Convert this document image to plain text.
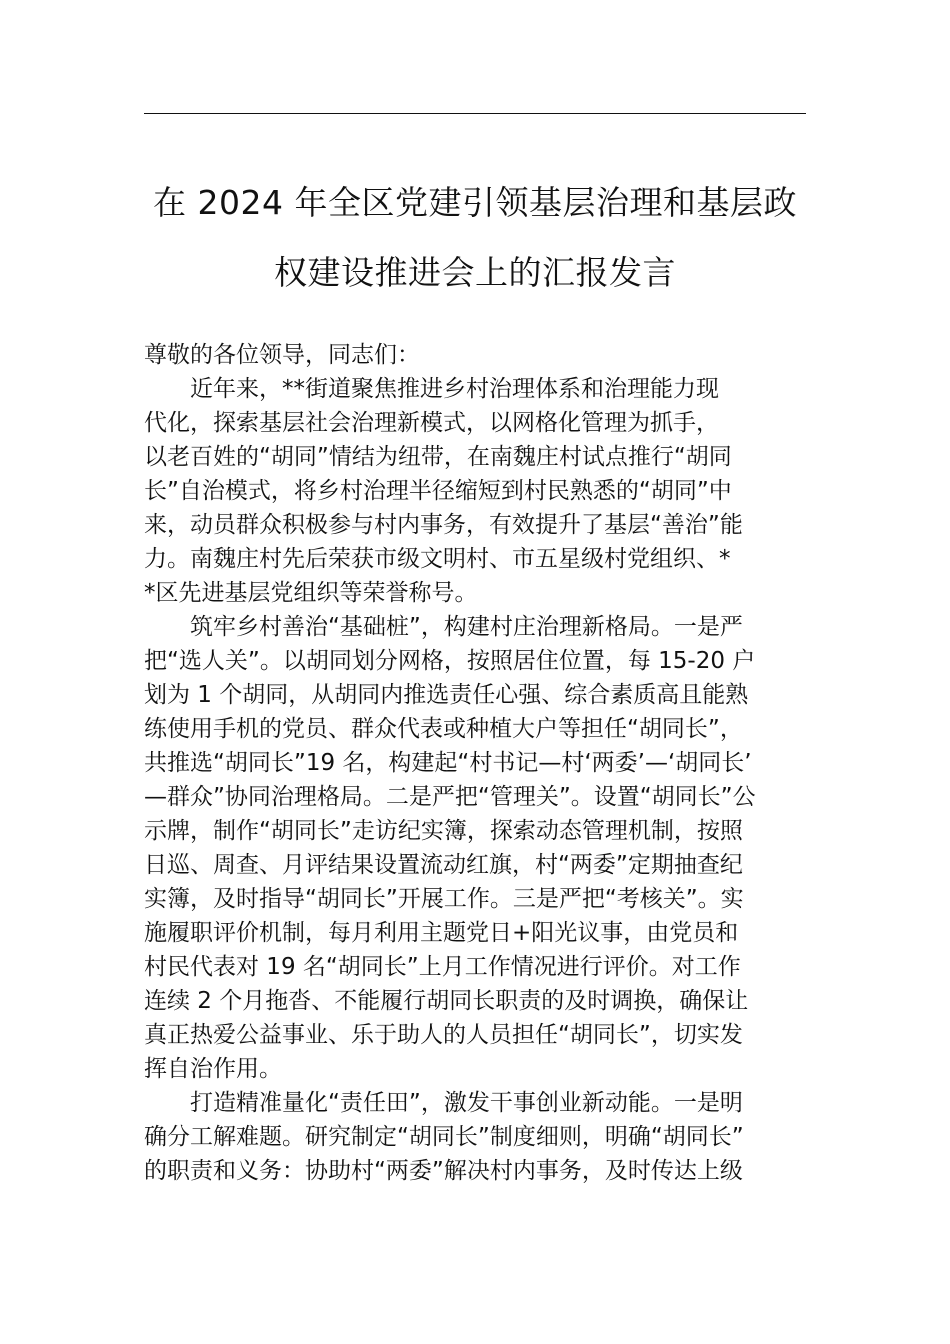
在 2024 年全区党建引领基层治理和基层政
权建设推进会上的汇报发言

尊敬的各位领导，同志们：

近年来，**街道聚焦推进乡村治理体系和治理能力现
代化，探索基层社会治理新模式，以网格化管理为抓手，
以老百姓的“胡同”情结为纽带，在南魏庄村试点推行“胡同
长”自治模式，将乡村治理半径缩短到村民熟悉的“胡同”中
来，动员群众积极参与村内事务，有效提升了基层“善治”能
力。南魏庄村先后荣获市级文明村、市五星级村党组织、*
*区先进基层党组织等荣誉称号。

筑牢乡村善治“基础桩”，构建村庄治理新格局。一是严
把“选人关”。以胡同划分网格，按照居住位置，每 15-20 户
划为 1 个胡同，从胡同内推选责任心强、综合素质高且能熟
练使用手机的党员、群众代表或种植大户等担任“胡同长”，
共推选“胡同长”19 名，构建起“村书记—村‘两委’—‘胡同长’
—群众”协同治理格局。二是严把“管理关”。设置“胡同长”公
示牌，制作“胡同长”走访纪实簿，探索动态管理机制，按照
日巡、周查、月评结果设置流动红旗，村“两委”定期抽查纪
实簿，及时指导“胡同长”开展工作。三是严把“考核关”。实
施履职评价机制，每月利用主题党日+阳光议事，由党员和
村民代表对 19 名“胡同长”上月工作情况进行评价。对工作
连续 2 个月拖沓、不能履行胡同长职责的及时调换，确保让
真正热爱公益事业、乐于助人的人员担任“胡同长”，切实发
挥自治作用。

打造精准量化“责任田”，激发干事创业新动能。一是明
确分工解难题。研究制定“胡同长”制度细则，明确“胡同长”
的职责和义务：协助村“两委”解决村内事务，及时传达上级
